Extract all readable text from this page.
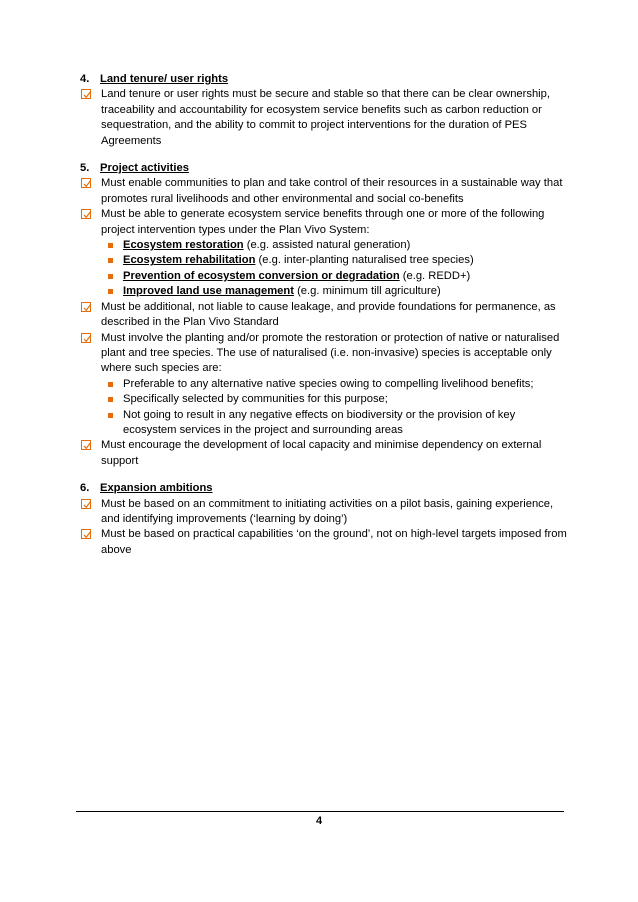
4. Land tenure/ user rights

Land tenure or user rights must be secure and stable so that there can be clear ownership, traceability and accountability for ecosystem service benefits such as carbon reduction or sequestration, and the ability to commit to project interventions for the duration of PES Agreements

5. Project activities

Must enable communities to plan and take control of their resources in a sustainable way that promotes rural livelihoods and other environmental and social co-benefits

Must be able to generate ecosystem service benefits through one or more of the following project intervention types under the Plan Vivo System:

Ecosystem restoration (e.g. assisted natural generation)
Ecosystem rehabilitation (e.g. inter-planting naturalised tree species)
Prevention of ecosystem conversion or degradation (e.g. REDD+)
Improved land use management (e.g. minimum till agriculture)

Must be additional, not liable to cause leakage, and provide foundations for permanence, as described in the Plan Vivo Standard

Must involve the planting and/or promote the restoration or protection of native or naturalised plant and tree species. The use of naturalised (i.e. non-invasive) species is acceptable only where such species are:

Preferable to any alternative native species owing to compelling livelihood benefits;
Specifically selected by communities for this purpose;
Not going to result in any negative effects on biodiversity or the provision of key ecosystem services in the project and surrounding areas

Must encourage the development of local capacity and minimise dependency on external support

6. Expansion ambitions

Must be based on an commitment to initiating activities on a pilot basis, gaining experience, and identifying improvements (‘learning by doing’)

Must be based on practical capabilities ‘on the ground’, not on high-level targets imposed from above

4
